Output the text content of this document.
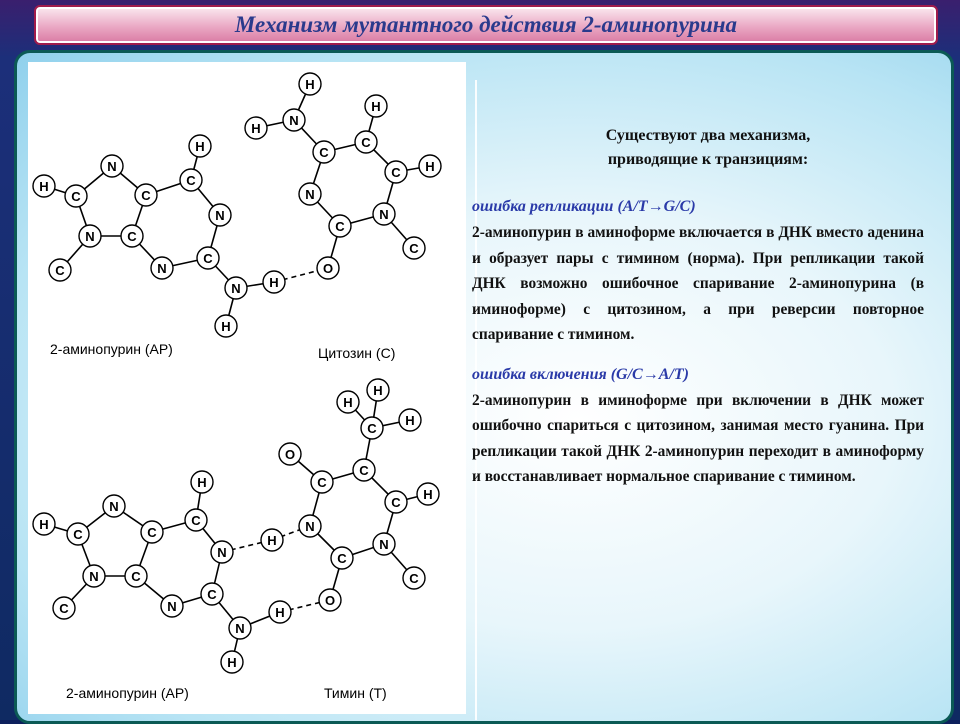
Механизм мутантного действия 2-аминопурина
H
C
N
C
C
H
N
N	C
C
N
C
N
H
H
H
N
H
C
C
H
C H
N
C
N
C
O
H
C
N
C
C
H
N
N	C
C
N
C
N
H
H
H
H
H
C
H
O
C
C
C
H
N
N
C
C
O
2-аминопурин (АР)	Цитозин (С)
2-аминопурин (АР)	Тимин (Т)
Существуют два механизма,
приводящие к транзициям:
ошибка репликации (A/T→G/C)
2-аминопурин в аминоформе включается в ДНК вместо аденина и образует пары с тимином (норма). При репликации такой ДНК возможно ошибочное спаривание 2-аминопурина (в иминоформе) с цитозином, а при реверсии повторное спаривание с тимином.
ошибка включения (G/C→A/T)
2-аминопурин в иминоформе при включении в ДНК может ошибочно спариться с цитозином, занимая место гуанина. При репликации такой ДНК 2-аминопурин переходит в аминоформу и восстанавливает нормальное спаривание с тимином.
